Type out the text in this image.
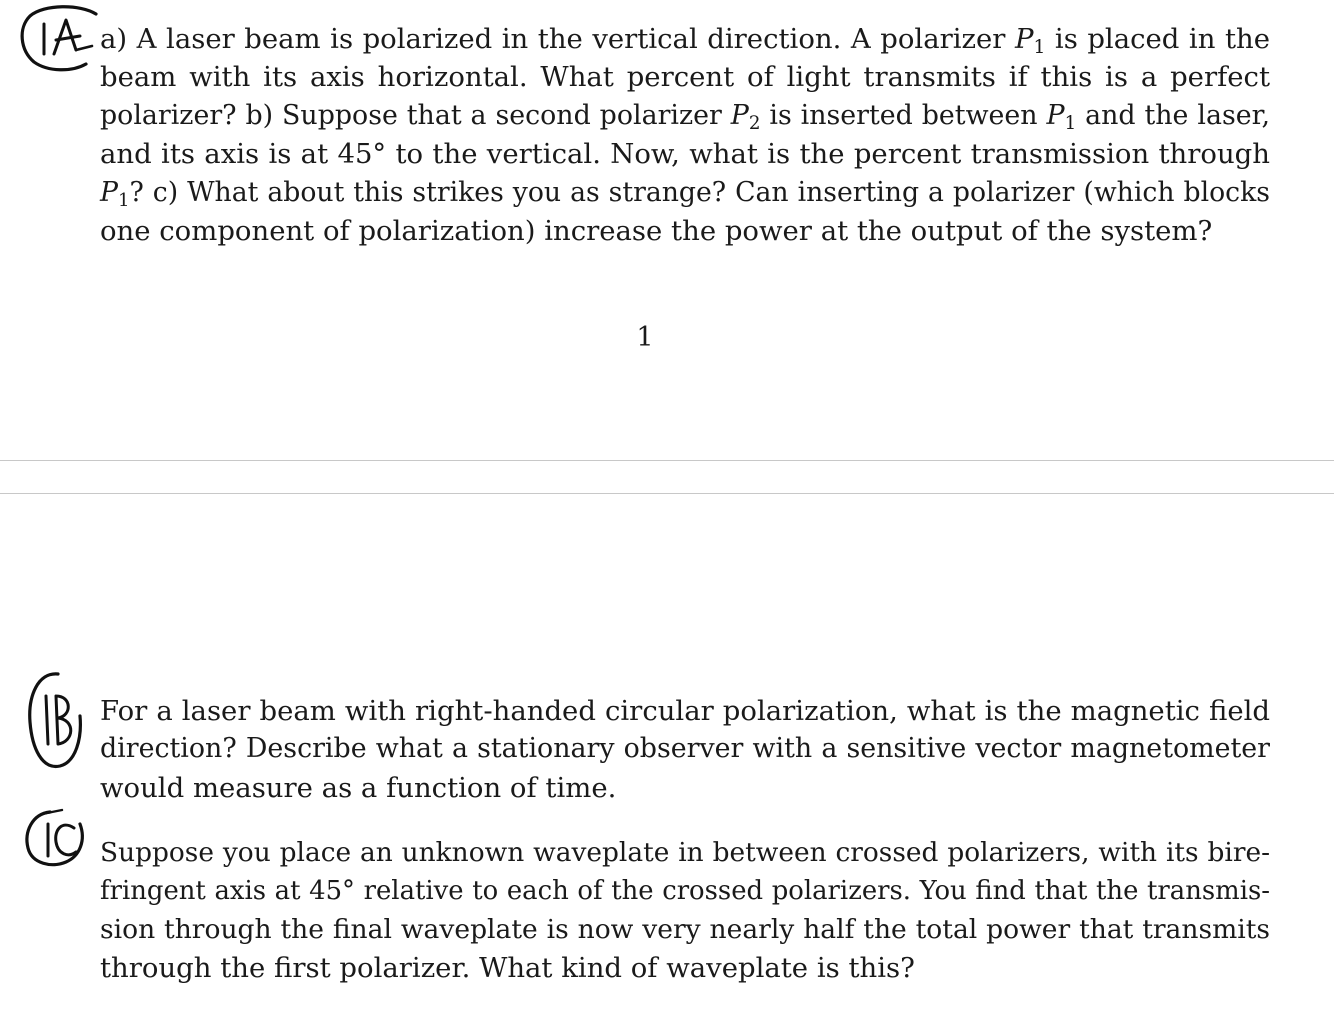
a) A laser beam is polarized in the vertical direction. A polarizer $P_1$ is placed in the
beam with its axis horizontal. What percent of light transmits if this is a perfect
polarizer? b) Suppose that a second polarizer $P_2$ is inserted between $P_1$ and the laser,
and its axis is at 45° to the vertical. Now, what is the percent transmission through
$P_1$? c) What about this strikes you as strange? Can inserting a polarizer (which blocks
one component of polarization) increase the power at the output of the system?
1
For a laser beam with right-handed circular polarization, what is the magnetic field
direction? Describe what a stationary observer with a sensitive vector magnetometer
would measure as a function of time.
Suppose you place an unknown waveplate in between crossed polarizers, with its bire-
fringent axis at 45° relative to each of the crossed polarizers. You find that the transmis-
sion through the final waveplate is now very nearly half the total power that transmits
through the first polarizer. What kind of waveplate is this?
